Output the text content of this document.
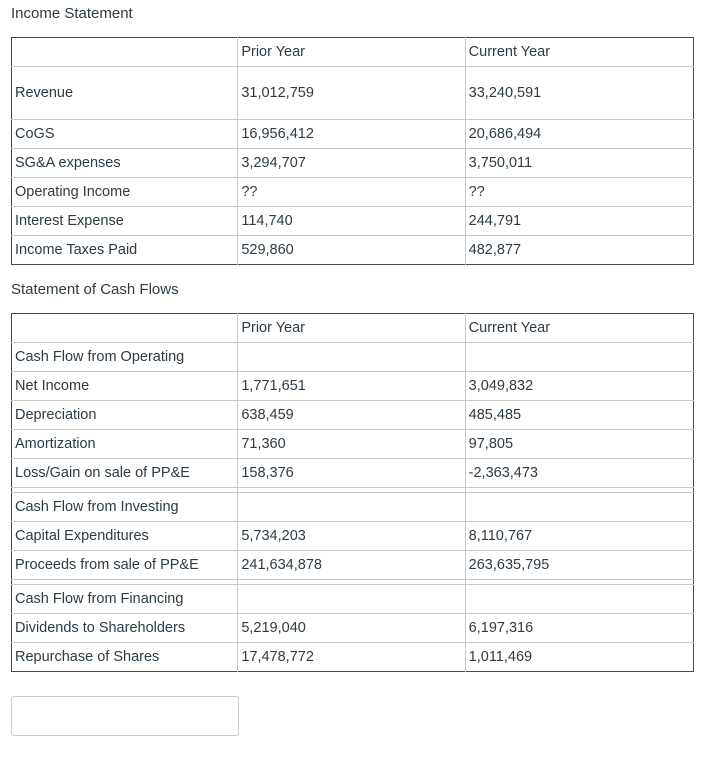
Income Statement
	Prior Year	Current Year
Revenue	31,012,759	33,240,591
CoGS	16,956,412	20,686,494
SG&A expenses	3,294,707	3,750,011
Operating Income	??	??
Interest Expense	114,740	244,791
Income Taxes Paid	529,860	482,877
Statement of Cash Flows
	Prior Year	Current Year
Cash Flow from Operating		
Net Income	1,771,651	3,049,832
Depreciation	638,459	485,485
Amortization	71,360	97,805
Loss/Gain on sale of PP&E	158,376	-2,363,473

Cash Flow from Investing		
Capital Expenditures	5,734,203	8,110,767
Proceeds from sale of PP&E	241,634,878	263,635,795

Cash Flow from Financing		
Dividends to Shareholders	5,219,040	6,197,316
Repurchase of Shares	17,478,772	1,011,469
